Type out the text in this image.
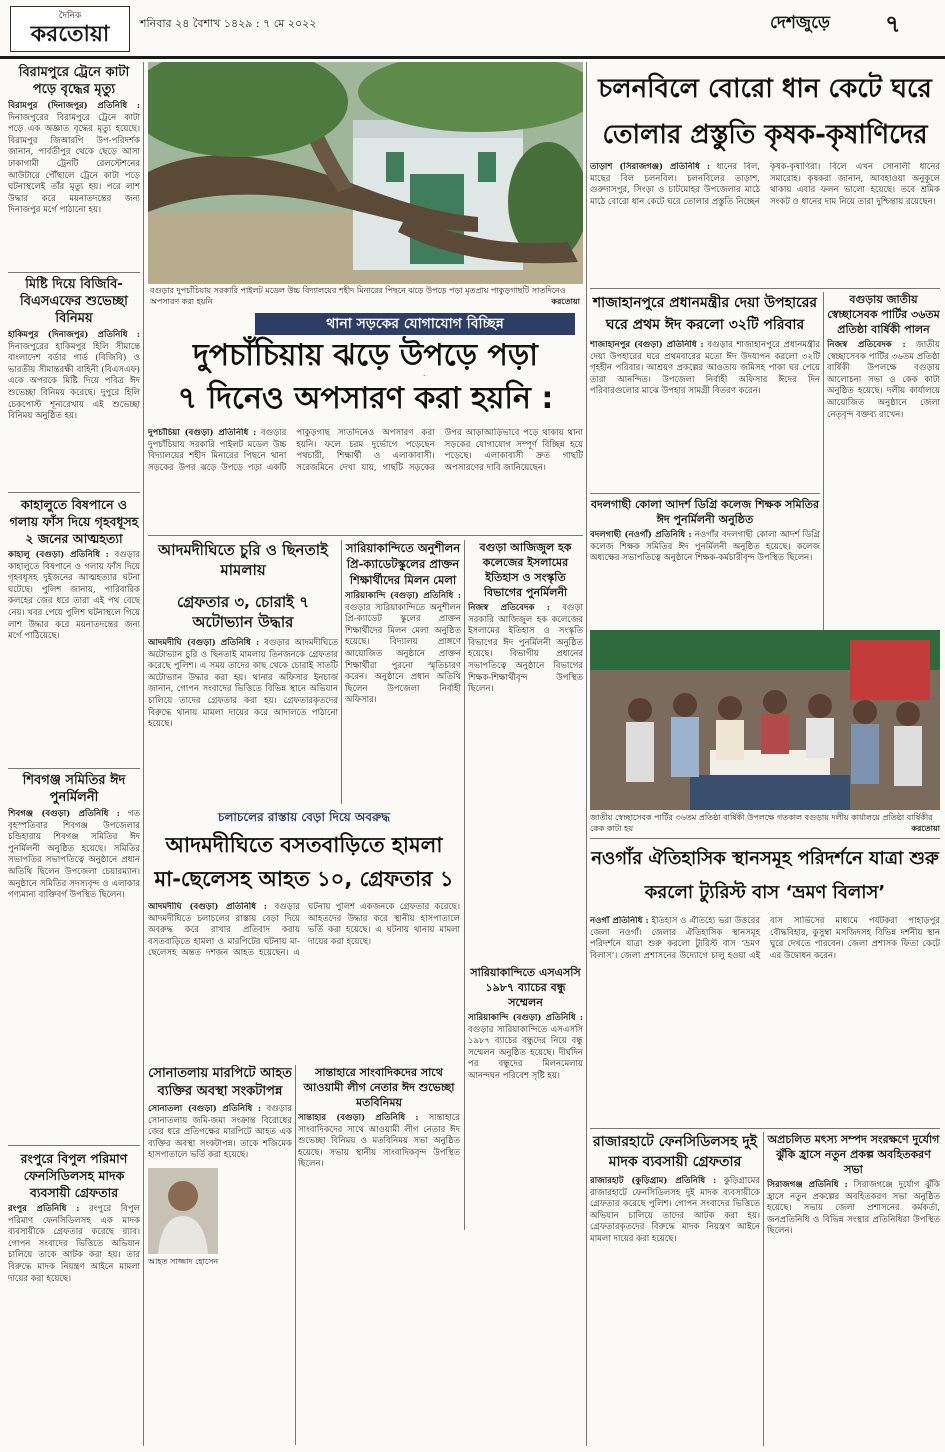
দৈনিক
করতোয়া	শনিবার ২৪ বৈশাখ ১৪২৯ : ৭ মে ২০২২	দেশজুড়ে ৭
বিরামপুরে ট্রেনে কাটা পড়ে বৃদ্ধের মৃত্যু
বিরামপুর (দিনাজপুর) প্রতিনিধি : দিনাজপুরের বিরামপুরে ট্রেনে কাটা পড়ে এক অজ্ঞাত বৃদ্ধের মৃত্যু হয়েছে। বিরামপুর জিআরপি উপ-পরিদর্শক জানান, পার্বতীপুর থেকে ছেড়ে আসা ঢাকাগামী ট্রেনটি রেলস্টেশনের আউটারে পৌঁছালে ট্রেনে কাটা পড়ে ঘটনাস্থলেই তাঁর মৃত্যু হয়। পরে লাশ উদ্ধার করে ময়নাতদন্তের জন্য দিনাজপুর মর্গে পাঠানো হয়।
মিষ্টি দিয়ে বিজিবি-বিএসএফের শুভেচ্ছা বিনিময়
হাকিমপুর (দিনাজপুর) প্রতিনিধি : দিনাজপুরের হাকিমপুর হিলি সীমান্তে বাংলাদেশ বর্ডার গার্ড (বিজিবি) ও ভারতীয় সীমান্তরক্ষী বাহিনী (বিএসএফ) একে অপরকে মিষ্টি দিয়ে পবিত্র ঈদ শুভেচ্ছা বিনিময় করেছে। দুপুরে হিলি চেকপোস্ট শূন্যরেখায় এই শুভেচ্ছা বিনিময় অনুষ্ঠিত হয়।
কাহালুতে বিষপানে ও গলায় ফাঁস দিয়ে গৃহবধূসহ ২ জনের আত্মহত্যা
কাহালু (বগুড়া) প্রতিনিধি : বগুড়ার কাহালুতে বিষপানে ও গলায় ফাঁস দিয়ে গৃহবধূসহ দুইজনের আত্মহত্যার ঘটনা ঘটেছে। পুলিশ জানায়, পারিবারিক কলহের জের ধরে তারা এই পথ বেছে নেয়। খবর পেয়ে পুলিশ ঘটনাস্থলে গিয়ে লাশ উদ্ধার করে ময়নাতদন্তের জন্য মর্গে পাঠিয়েছে।
শিবগঞ্জ সমিতির ঈদ পুনর্মিলনী
শিবগঞ্জ (বগুড়া) প্রতিনিধি : গত বৃহস্পতিবার শিবগঞ্জ উপজেলার চন্ডিহারায় শিবগঞ্জ সমিতির ঈদ পুনর্মিলনী অনুষ্ঠিত হয়েছে। সমিতির সভাপতির সভাপতিত্বে অনুষ্ঠানে প্রধান অতিথি ছিলেন উপজেলা চেয়ারম্যান। অনুষ্ঠানে সমিতির সদস্যবৃন্দ ও এলাকার গণ্যমান্য ব্যক্তিবর্গ উপস্থিত ছিলেন।
রংপুরে বিপুল পরিমাণ ফেনসিডিলসহ মাদক ব্যবসায়ী গ্রেফতার
রংপুর প্রতিনিধি : রংপুরে বিপুল পরিমাণ ফেনসিডিলসহ এক মাদক ব্যবসায়ীকে গ্রেফতার করেছে র‌্যাব। গোপন সংবাদের ভিত্তিতে অভিযান চালিয়ে তাকে আটক করা হয়। তার বিরুদ্ধে মাদক নিয়ন্ত্রণ আইনে মামলা দায়ের করা হয়েছে।
বগুড়ার দুপচাঁচিয়ায় সরকারি পাইলট মডেল উচ্চ বিদ্যালয়ের শহীদ মিনারের পিছনে ঝড়ে উপড়ে পড়া মৃতপ্রায় পাকুড়গাছটি সাতদিনেও অপসারণ করা হয়নি	করতোয়া
থানা সড়কের যোগাযোগ বিচ্ছিন্ন
দুপচাঁচিয়ায় ঝড়ে উপড়ে পড়া
৭ দিনেও অপসারণ করা হয়নি :
দুপচাঁচিয়া (বগুড়া) প্রতিনিধি : বগুড়ার দুপচাঁচিয়ায় সরকারি পাইলট মডেল উচ্চ বিদ্যালয়ের শহীদ মিনারের পিছনে থানা সড়কের উপর ঝড়ে উপড়ে পড়া একটি পাকুড়গাছ সাতদিনেও অপসারণ করা হয়নি। ফলে চরম দুর্ভোগে পড়েছেন পথচারী, শিক্ষার্থী ও এলাকাবাসী। সরেজমিনে দেখা যায়, গাছটি সড়কের উপর আড়াআড়িভাবে পড়ে থাকায় থানা সড়কের যোগাযোগ সম্পূর্ণ বিচ্ছিন্ন হয়ে পড়েছে। এলাকাবাসী দ্রুত গাছটি অপসারণের দাবি জানিয়েছেন।
আদমদীঘিতে চুরি ও ছিনতাই মামলায়
গ্রেফতার ৩, চোরাই ৭ অটোভ্যান উদ্ধার
আদমদীঘি (বগুড়া) প্রতিনিধি : বগুড়ার আদমদীঘিতে অটোভ্যান চুরি ও ছিনতাই মামলায় তিনজনকে গ্রেফতার করেছে পুলিশ। এ সময় তাদের কাছ থেকে চোরাই সাতটি অটোভ্যান উদ্ধার করা হয়। থানার অফিসার ইনচার্জ জানান, গোপন সংবাদের ভিত্তিতে বিভিন্ন স্থানে অভিযান চালিয়ে তাদের গ্রেফতার করা হয়। গ্রেফতারকৃতদের বিরুদ্ধে থানায় মামলা দায়ের করে আদালতে পাঠানো হয়েছে।
সারিয়াকান্দিতে অনুশীলন প্রি-ক্যাডেটস্কুলের প্রাক্তন শিক্ষার্থীদের মিলন মেলা
সারিয়াকান্দি (বগুড়া) প্রতিনিধি : বগুড়ার সারিয়াকান্দিতে অনুশীলন প্রি-ক্যাডেট স্কুলের প্রাক্তন শিক্ষার্থীদের মিলন মেলা অনুষ্ঠিত হয়েছে। বিদ্যালয় প্রাঙ্গণে আয়োজিত অনুষ্ঠানে প্রাক্তন শিক্ষার্থীরা পুরনো স্মৃতিচারণ করেন। অনুষ্ঠানে প্রধান অতিথি ছিলেন উপজেলা নির্বাহী অফিসার।
বগুড়া আজিজুল হক কলেজের ইসলামের ইতিহাস ও সংস্কৃতি বিভাগের পুনর্মিলনী
নিজস্ব প্রতিবেদক : বগুড়া সরকারি আজিজুল হক কলেজের ইসলামের ইতিহাস ও সংস্কৃতি বিভাগের ঈদ পুনর্মিলনী অনুষ্ঠিত হয়েছে। বিভাগীয় প্রধানের সভাপতিত্বে অনুষ্ঠানে বিভাগের শিক্ষক-শিক্ষার্থীবৃন্দ উপস্থিত ছিলেন।
চলাচলের রাস্তায় বেড়া দিয়ে অবরুদ্ধ
আদমদীঘিতে বসতবাড়িতে হামলা
মা-ছেলেসহ আহত ১০, গ্রেফতার ১
আদমদীঘি (বগুড়া) প্রতিনিধি : বগুড়ার আদমদীঘিতে চলাচলের রাস্তায় বেড়া দিয়ে অবরুদ্ধ করে রাখার প্রতিবাদ করায় বসতবাড়িতে হামলা ও মারপিটের ঘটনায় মা-ছেলেসহ অন্তত দশজন আহত হয়েছেন। এ ঘটনায় পুলিশ একজনকে গ্রেফতার করেছে। আহতদের উদ্ধার করে স্থানীয় হাসপাতালে ভর্তি করা হয়েছে। এ ঘটনায় থানায় মামলা দায়ের করা হয়েছে।
সান্তাহারে সাংবাদিকদের সাথে আওয়ামী লীগ নেতার ঈদ শুভেচ্ছা মতবিনিময়
সান্তাহার (বগুড়া) প্রতিনিধি : সান্তাহারে সাংবাদিকদের সাথে আওয়ামী লীগ নেতার ঈদ শুভেচ্ছা বিনিময় ও মতবিনিময় সভা অনুষ্ঠিত হয়েছে। সভায় স্থানীয় সাংবাদিকবৃন্দ উপস্থিত ছিলেন।
সোনাতলায় মারপিটে আহত ব্যক্তির অবস্থা সংকটাপন্ন
সোনাতলা (বগুড়া) প্রতিনিধি : বগুড়ার সোনাতলায় জমি-জমা সংক্রান্ত বিরোধের জের ধরে প্রতিপক্ষের মারপিটে আহত এক ব্যক্তির অবস্থা সংকটাপন্ন। তাকে শজিমেক হাসপাতালে ভর্তি করা হয়েছে।
আহত সাজ্জাদ হোসেন
সারিয়াকান্দিতে এসএসসি ১৯৮৭ ব্যাচের বন্ধু সম্মেলন
সারিয়াকান্দি (বগুড়া) প্রতিনিধি : বগুড়ার সারিয়াকান্দিতে এসএসসি ১৯৮৭ ব্যাচের বন্ধুদের নিয়ে বন্ধু সম্মেলন অনুষ্ঠিত হয়েছে। দীর্ঘদিন পর বন্ধুদের মিলনমেলায় আনন্দঘন পরিবেশ সৃষ্টি হয়।
চলনবিলে বোরো ধান কেটে ঘরে
তোলার প্রস্তুতি কৃষক-কৃষাণিদের
তাড়াশ (সিরাজগঞ্জ) প্রতিনিধি : ধানের বিল, মাছের বিল চলনবিল। চলনবিলের তাড়াশ, গুরুদাসপুর, সিংড়া ও চাটমোহর উপজেলার মাঠে মাঠে বোরো ধান কেটে ঘরে তোলার প্রস্তুতি নিচ্ছেন কৃষক-কৃষাণিরা। বিলে এখন সোনালী ধানের সমারোহ। কৃষকরা জানান, আবহাওয়া অনুকূলে থাকায় এবার ফলন ভালো হয়েছে। তবে শ্রমিক সংকট ও ধানের দাম নিয়ে তারা দুশ্চিন্তায় রয়েছেন।
শাজাহানপুরে প্রধানমন্ত্রীর দেয়া উপহারের
ঘরে প্রথম ঈদ করলো ৩২টি পরিবার
শাজাহানপুর (বগুড়া) প্রতিনিধি : বগুড়ার শাজাহানপুরে প্রধানমন্ত্রীর দেয়া উপহারের ঘরে প্রথমবারের মতো ঈদ উদযাপন করলো ৩২টি গৃহহীন পরিবার। আশ্রয়ণ প্রকল্পের আওতায় জমিসহ পাকা ঘর পেয়ে তারা আনন্দিত। উপজেলা নির্বাহী অফিসার ঈদের দিন পরিবারগুলোর মাঝে উপহার সামগ্রী বিতরণ করেন।
বদলগাছী কোলা আদর্শ ডিগ্রি কলেজ শিক্ষক সমিতির ঈদ পুনর্মিলনী অনুষ্ঠিত
বদলগাছী (নওগাঁ) প্রতিনিধি : নওগাঁর বদলগাছী কোলা আদর্শ ডিগ্রি কলেজ শিক্ষক সমিতির ঈদ পুনর্মিলনী অনুষ্ঠিত হয়েছে। কলেজ অধ্যক্ষের সভাপতিত্বে অনুষ্ঠানে শিক্ষক-কর্মচারীবৃন্দ উপস্থিত ছিলেন।
বগুড়ায় জাতীয় স্বেচ্ছাসেবক পার্টির ৩৬তম প্রতিষ্ঠা বার্ষিকী পালন
নিজস্ব প্রতিবেদক : জাতীয় স্বেচ্ছাসেবক পার্টির ৩৬তম প্রতিষ্ঠা বার্ষিকী উপলক্ষে বগুড়ায় আলোচনা সভা ও কেক কাটা অনুষ্ঠিত হয়েছে। দলীয় কার্যালয়ে আয়োজিত অনুষ্ঠানে জেলা নেতৃবৃন্দ বক্তব্য রাখেন।
জাতীয় স্বেচ্ছাসেবক পার্টির ৩৬তম প্রতিষ্ঠা বার্ষিকী উপলক্ষে গতকাল বগুড়ায় দলীয় কার্যালয়ে প্রতিষ্ঠা বার্ষিকীর কেক কাটা হয়	করতোয়া
নওগাঁর ঐতিহাসিক স্থানসমূহ পরিদর্শনে যাত্রা শুরু
করলো ট্যুরিস্ট বাস ‘ভ্রমণ বিলাস’
নওগাঁ প্রতিনিধি : ইতিহাস ও ঐতিহ্যে ভরা উত্তরের জেলা নওগাঁ। জেলার ঐতিহাসিক স্থানসমূহ পরিদর্শনে যাত্রা শুরু করলো ট্যুরিস্ট বাস ‘ভ্রমণ বিলাস’। জেলা প্রশাসনের উদ্যোগে চালু হওয়া এই বাস সার্ভিসের মাধ্যমে পর্যটকরা পাহাড়পুর বৌদ্ধবিহার, কুসুম্বা মসজিদসহ বিভিন্ন দর্শনীয় স্থান ঘুরে দেখতে পারবেন। জেলা প্রশাসক ফিতা কেটে এর উদ্বোধন করেন।
রাজারহাটে ফেনসিডিলসহ দুই মাদক ব্যবসায়ী গ্রেফতার
রাজারহাট (কুড়িগ্রাম) প্রতিনিধি : কুড়িগ্রামের রাজারহাটে ফেনসিডিলসহ দুই মাদক ব্যবসায়ীকে গ্রেফতার করেছে পুলিশ। গোপন সংবাদের ভিত্তিতে অভিযান চালিয়ে তাদের আটক করা হয়। গ্রেফতারকৃতদের বিরুদ্ধে মাদক নিয়ন্ত্রণ আইনে মামলা দায়ের করা হয়েছে।
অপ্রচলিত মৎস্য সম্পদ সংরক্ষণে দুর্যোগ ঝুঁকি হ্রাসে নতুন প্রকল্প অবহিতকরণ সভা
সিরাজগঞ্জ প্রতিনিধি : সিরাজগঞ্জে দুর্যোগ ঝুঁকি হ্রাসে নতুন প্রকল্পের অবহিতকরণ সভা অনুষ্ঠিত হয়েছে। সভায় জেলা প্রশাসনের কর্মকর্তা, জনপ্রতিনিধি ও বিভিন্ন সংস্থার প্রতিনিধিরা উপস্থিত ছিলেন।
